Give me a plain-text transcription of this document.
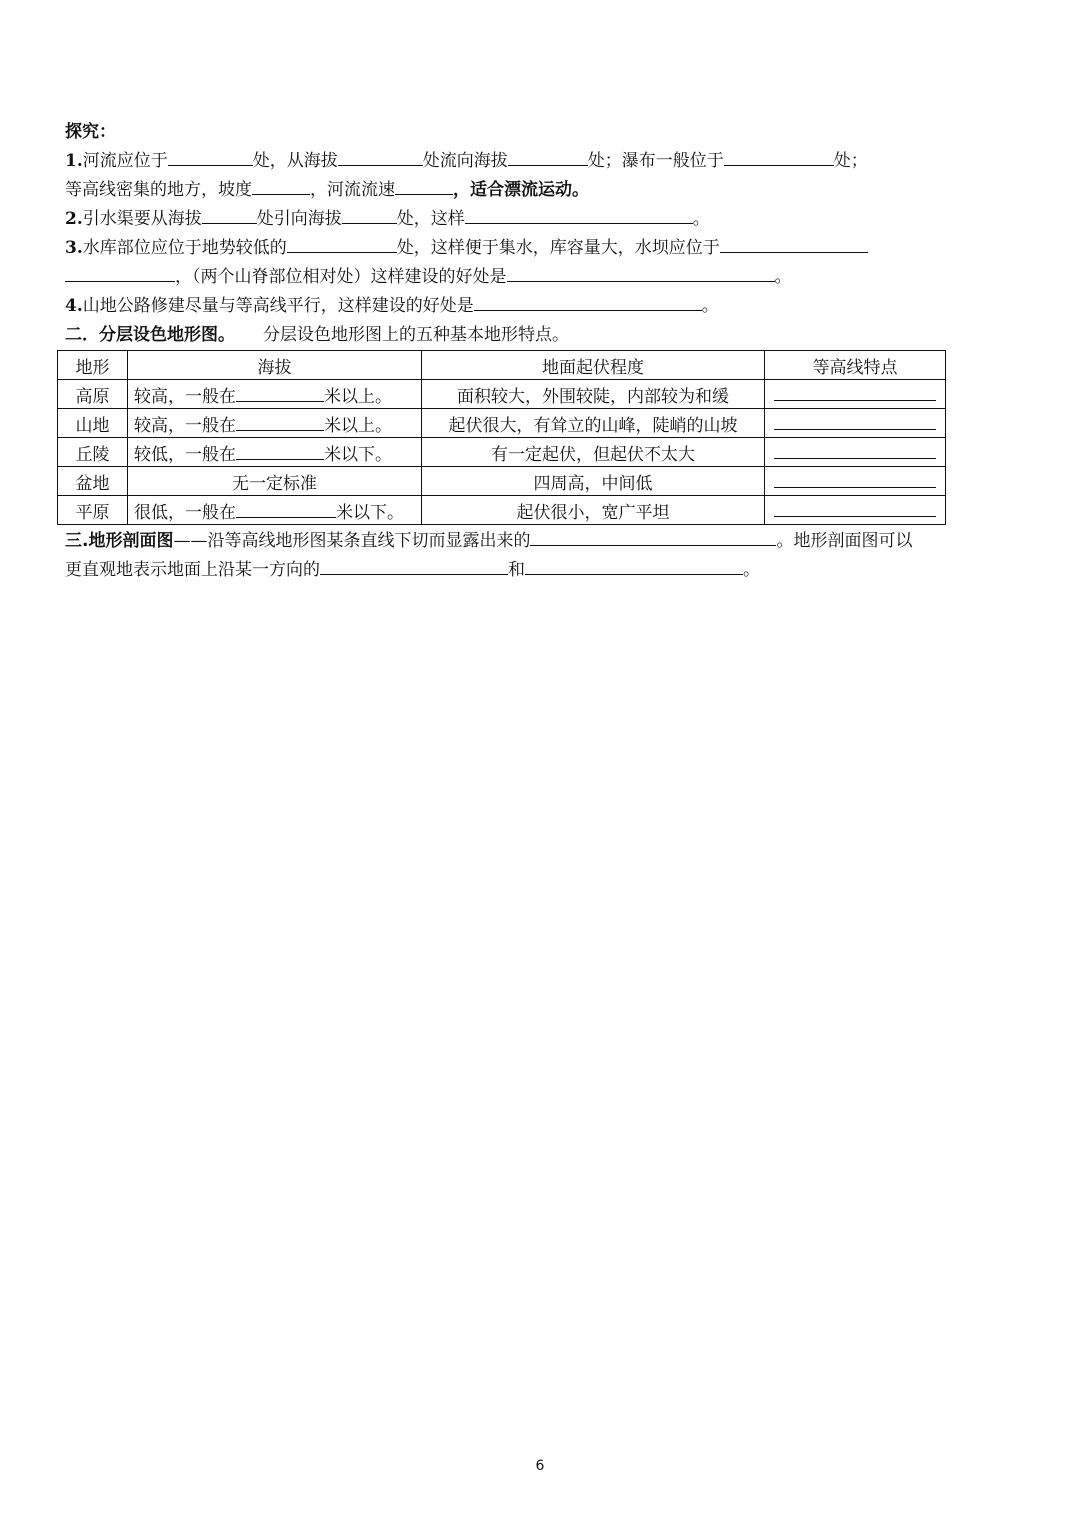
探究：
1.河流应位于	处，从海拔	处流向海拔	处；瀑布一般位于	处；
等高线密集的地方，坡度	，河流流速	，适合漂流运动。
2.引水渠要从海拔	处引向海拔	处，这样	。
3.水库部位应位于地势较低的	处，这样便于集水，库容量大，水坝应位于
，（两个山脊部位相对处）这样建设的好处是	。
4.山地公路修建尽量与等高线平行，这样建设的好处是	。
二．分层设色地形图。 分层设色地形图上的五种基本地形特点。
地形	海拔	地面起伏程度	等高线特点
高原	较高，一般在 米以上。	面积较大，外围较陡，内部较为和缓	
山地	较高，一般在 米以上。	起伏很大，有耸立的山峰，陡峭的山坡	
丘陵	较低，一般在 米以下。	有一定起伏，但起伏不太大	
盆地	无一定标准	四周高，中间低	
平原	很低，一般在 米以下。	起伏很小，宽广平坦	
三.地形剖面图——沿等高线地形图某条直线下切而显露出来的	。地形剖面图可以
更直观地表示地面上沿某一方向的	和	。
6
